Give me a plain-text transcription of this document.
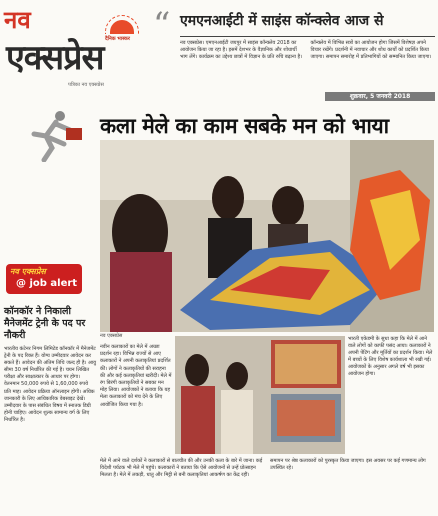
नव
एक्सप्रेस
पत्रिका नव एक्सप्रेस
दैनिक भास्कर “ एमएनआईटी में साइंस कॉन्क्लेव आज से
नव एक्सप्रेस। एमएनआईटी जयपुर में साइंस कॉन्क्लेव 2018 का आयोजन किया जा रहा है। इसमें देशभर के वैज्ञानिक और शोधार्थी भाग लेंगे। कार्यक्रम का उद्देश्य छात्रों में विज्ञान के प्रति रुचि बढ़ाना है। कॉन्क्लेव में विभिन्न सत्रों का आयोजन होगा जिसमें विशेषज्ञ अपने विचार रखेंगे। प्रदर्शनी में नवाचार और शोध कार्यों को प्रदर्शित किया जाएगा। समापन समारोह में प्रतिभागियों को सम्मानित किया जाएगा।
शुक्रवार, 5 जनवरी 2018
नव एक्सप्रेस
@ job alert
कॉनकॉर ने निकाली मैनेजमेंट ट्रेनी के पद पर नौकरी
भारतीय कंटेनर निगम लिमिटेड कॉनकॉर में मैनेजमेंट ट्रेनी के पद रिक्त हैं। योग्य उम्मीदवार आवेदन कर सकते हैं। आवेदन की अंतिम तिथि जल्द ही है। आयु सीमा 30 वर्ष निर्धारित की गई है। चयन लिखित परीक्षा और साक्षात्कार के आधार पर होगा। वेतनमान 50,000 रुपये से 1,60,000 रुपये प्रति माह। आवेदन प्रक्रिया ऑनलाइन होगी। अधिक जानकारी के लिए आधिकारिक वेबसाइट देखें। उम्मीदवार के पास संबंधित विषय में स्नातक डिग्री होनी चाहिए। आवेदन शुल्क सामान्य वर्ग के लिए निर्धारित है।
कला मेले का काम सबके मन को भाया
नव एक्सप्रेस
नवीन कलाकारों का मेले में अच्छा प्रदर्शन रहा। विभिन्न राज्यों से आए कलाकारों ने अपनी कलाकृतियां प्रदर्शित कीं। लोगों ने कलाकृतियों की सराहना की और कई कलाकृतियां खरीदीं। मेले में रंग बिरंगी कलाकृतियों ने सबका मन मोह लिया। आयोजकों ने बताया कि यह मेला कलाकारों को मंच देने के लिए आयोजित किया गया है।
भारती एकेडमी के सुधा कहा कि मेले में आने वाले लोगों को काफी पसंद आया। कलाकारों ने अपनी पेंटिंग और मूर्तियों का प्रदर्शन किया। मेले में बच्चों के लिए विशेष कार्यशाला भी रखी गई। आयोजकों के अनुसार अगले वर्ष भी इसका आयोजन होगा।
मेले में आने वाले दर्शकों ने कलाकारों से बातचीत की और उनकी कला के बारे में जाना। कई विदेशी पर्यटक भी मेले में पहुंचे। कलाकारों ने बताया कि ऐसे आयोजनों से उन्हें प्रोत्साहन मिलता है। मेले में लकड़ी, धातु और मिट्टी से बनी कलाकृतियां आकर्षण का केंद्र रहीं। समापन पर श्रेष्ठ कलाकारों को पुरस्कृत किया जाएगा। इस अवसर पर कई गणमान्य लोग उपस्थित रहे।
